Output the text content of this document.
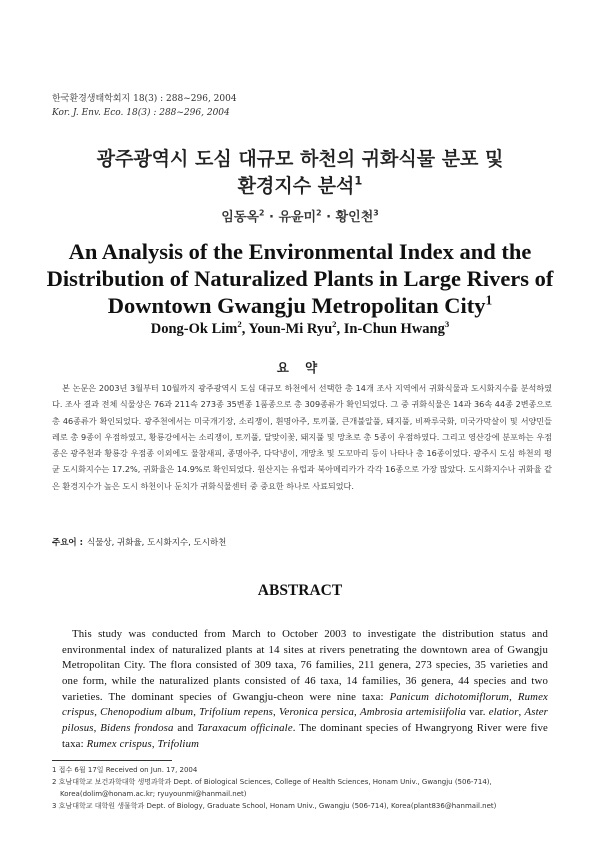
한국환경생태학회지 18(3) : 288~296, 2004
Kor. J. Env. Eco. 18(3) : 288~296, 2004
광주광역시 도심 대규모 하천의 귀화식물 분포 및
환경지수 분석$^1$
임동옥$^2$ · 유윤미$^2$ · 황인천$^3$
An Analysis of the Environmental Index and the
Distribution of Naturalized Plants in Large Rivers of
Downtown Gwangju Metropolitan City$^1$
Dong-Ok Lim$^2$, Youn-Mi Ryu$^2$, In-Chun Hwang$^3$
요 약
본 논문은 2003년 3월부터 10월까지 광주광역시 도심 대규모 하천에서 선택한 총 14개 조사 지역에서 귀화식물과 도시화지수를 분석하였다. 조사 결과 전체 식물상은 76과 211속 273종 35변종 1품종으로 총 309종류가 확인되었다. 그 중 귀화식물은 14과 36속 44종 2변종으로 총 46종류가 확인되었다. 광주천에서는 미국개기장, 소리쟁이, 흰명아주, 토끼풀, 큰개불알풀, 돼지풀, 비짜루국화, 미국가막살이 및 서양민들레로 총 9종이 우점하였고, 황룡강에서는 소리쟁이, 토끼풀, 달맞이꽃, 돼지풀 및 망초로 총 5종이 우점하였다. 그리고 영산강에 분포하는 우점종은 광주천과 황룡강 우점종 이외에도 물참새피, 종명아주, 다닥냉이, 개망초 및 도꼬마리 등이 나타나 총 16종이었다. 광주시 도심 하천의 평균 도시화지수는 17.2%, 귀화율은 14.9%로 확인되었다. 원산지는 유럽과 북아메리카가 각각 16종으로 가장 많았다. 도시화지수나 귀화율 같은 환경지수가 높은 도시 하천이나 둔치가 귀화식물센터 중 중요한 하나로 사료되었다.
주요어 : 식물상, 귀화율, 도시화지수, 도시하천
ABSTRACT
This study was conducted from March to October 2003 to investigate the distribution status and environmental index of naturalized plants at 14 sites at rivers penetrating the downtown area of Gwangju Metropolitan City. The flora consisted of 309 taxa, 76 families, 211 genera, 273 species, 35 varieties and one form, while the naturalized plants consisted of 46 taxa, 14 families, 36 genera, 44 species and two varieties. The dominant species of Gwangju-cheon were nine taxa: Panicum dichotomiflorum, Rumex crispus, Chenopodium album, Trifolium repens, Veronica persica, Ambrosia artemisiifolia var. elatior, Aster pilosus, Bidens frondosa and Taraxacum officinale. The dominant species of Hwangryong River were five taxa: Rumex crispus, Trifolium
1 접수 6월 17일 Received on Jun. 17, 2004
2 호남대학교 보건과학대학 생명과학과 Dept. of Biological Sciences, College of Health Sciences, Honam Univ., Gwangju (506-714),
Korea(dolim@honam.ac.kr; ryuyounmi@hanmail.net)
3 호남대학교 대학원 생물학과 Dept. of Biology, Graduate School, Honam Univ., Gwangju (506-714), Korea(plant836@hanmail.net)
